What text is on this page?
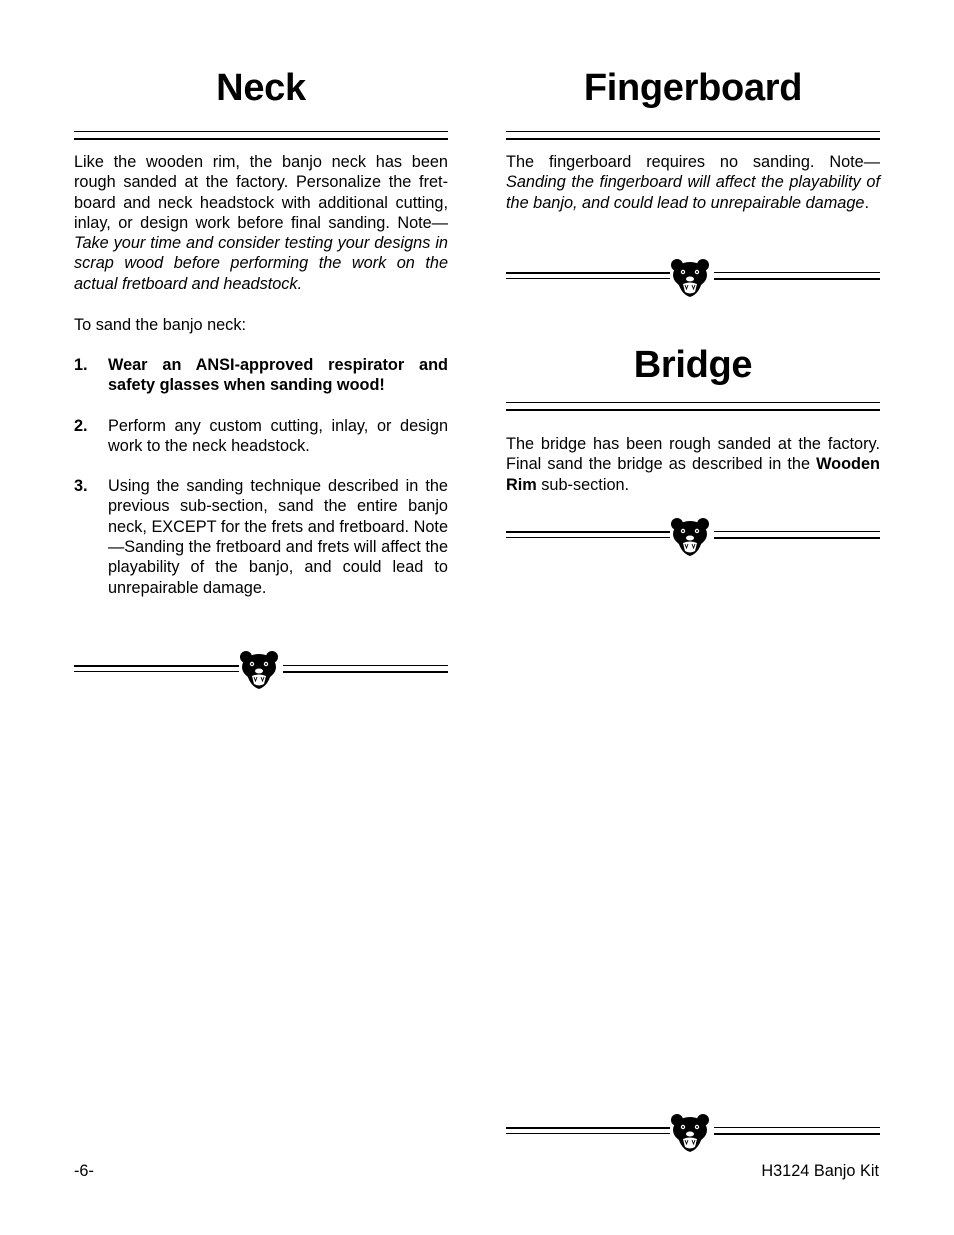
Neck

Like the wooden rim, the banjo neck has been rough sanded at the factory. Personalize the fretboard and neck headstock with additional cutting, inlay, or design work before final sanding. Note—Take your time and consider testing your designs in scrap wood before performing the work on the actual fretboard and headstock.

To sand the banjo neck:

1. Wear an ANSI-approved respirator and safety glasses when sanding wood!
2. Perform any custom cutting, inlay, or design work to the neck headstock.
3. Using the sanding technique described in the previous sub-section, sand the entire banjo neck, EXCEPT for the frets and fretboard. Note—Sanding the fretboard and frets will affect the playability of the banjo, and could lead to unrepairable damage.
Fingerboard

The fingerboard requires no sanding. Note—Sanding the fingerboard will affect the playability of the banjo, and could lead to unrepairable damage.

Bridge

The bridge has been rough sanded at the factory. Final sand the bridge as described in the Wooden Rim sub-section.

-6-	H3124 Banjo Kit
